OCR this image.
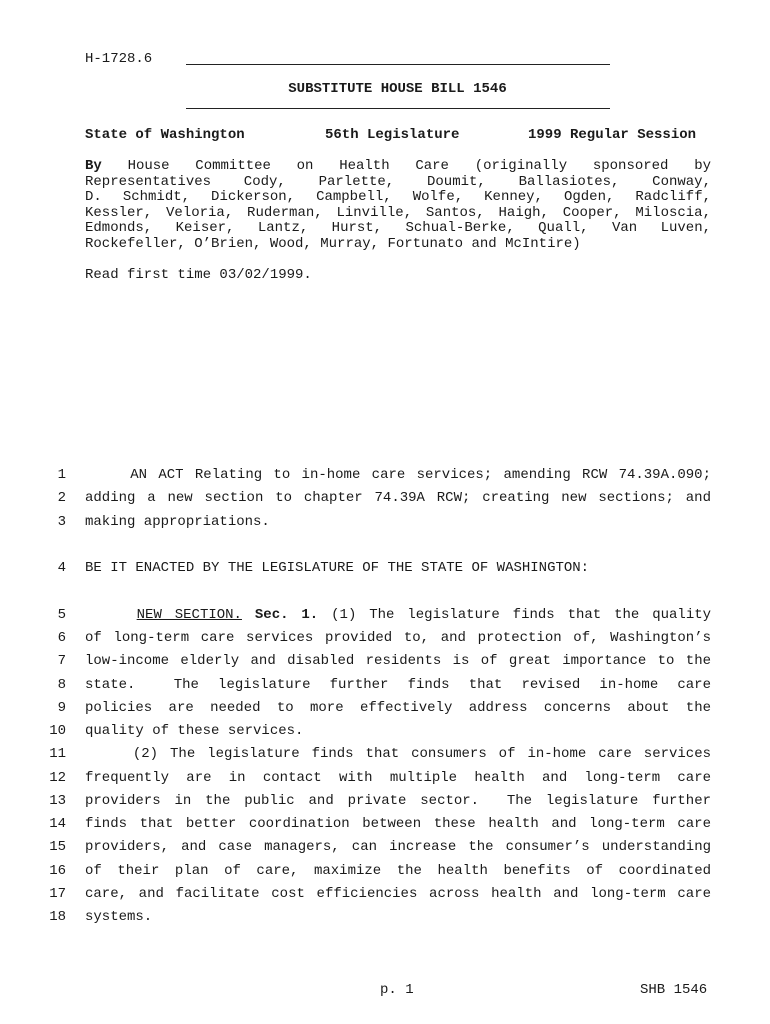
H-1728.6
SUBSTITUTE HOUSE BILL 1546
State of Washington	56th Legislature	1999 Regular Session
By House Committee on Health Care (originally sponsored by
Representatives Cody, Parlette, Doumit, Ballasiotes, Conway,
D. Schmidt, Dickerson, Campbell, Wolfe, Kenney, Ogden, Radcliff,
Kessler, Veloria, Ruderman, Linville, Santos, Haigh, Cooper, Miloscia,
Edmonds, Keiser, Lantz, Hurst, Schual-Berke, Quall, Van Luven,
Rockefeller, O’Brien, Wood, Murray, Fortunato and McIntire)
Read first time 03/02/1999.
1
2
3
4
5
6
7
8
9
10
11
12
13
14
15
16
17
18
AN ACT Relating to in-home care services; amending RCW 74.39A.090;
adding a new section to chapter 74.39A RCW; creating new sections; and
making appropriations.
BE IT ENACTED BY THE LEGISLATURE OF THE STATE OF WASHINGTON:
NEW SECTION. Sec. 1. (1) The legislature finds that the quality
of long-term care services provided to, and protection of, Washington’s
low-income elderly and disabled residents is of great importance to the
state.  The legislature further finds that revised in-home care
policies are needed to more effectively address concerns about the
quality of these services.
(2) The legislature finds that consumers of in-home care services
frequently are in contact with multiple health and long-term care
providers in the public and private sector.  The legislature further
finds that better coordination between these health and long-term care
providers, and case managers, can increase the consumer’s understanding
of their plan of care, maximize the health benefits of coordinated
care, and facilitate cost efficiencies across health and long-term care
systems.
p. 1	SHB 1546
